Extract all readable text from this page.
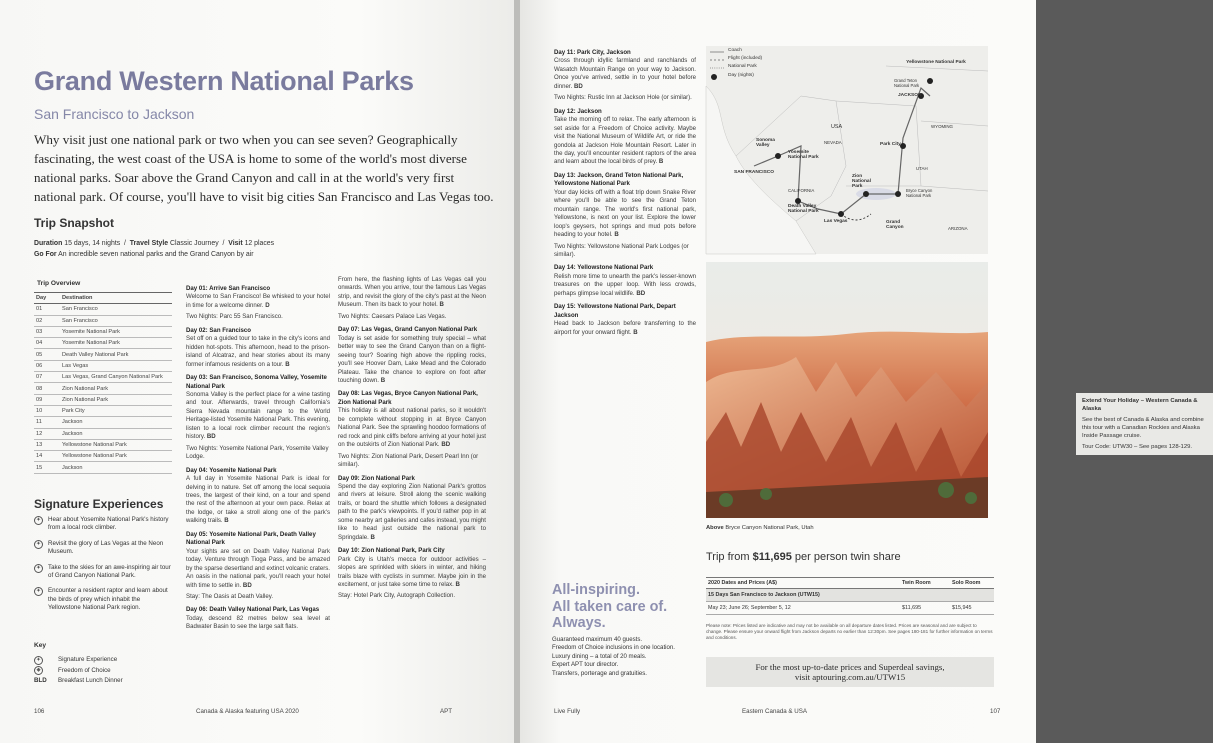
Grand Western National Parks
San Francisco to Jackson

Why visit just one national park or two when you can see seven? Geographically fascinating, the west coast of the USA is home to some of the world's most diverse national parks. Soar above the Grand Canyon and call in at the world's very first national park. Of course, you'll have to visit big cities San Francisco and Las Vegas too.

Trip Snapshot
Duration 15 days, 14 nights  /  Travel Style Classic Journey  /  Visit 12 places
Go For An incredible seven national parks and the Grand Canyon by air
Trip Overview
Day	Destination
01	San Francisco
02	San Francisco
03	Yosemite National Park
04	Yosemite National Park
05	Death Valley National Park
06	Las Vegas
07	Las Vegas, Grand Canyon National Park
08	Zion National Park
09	Zion National Park
10	Park City
11	Jackson
12	Jackson
13	Yellowstone National Park
14	Yellowstone National Park
15	Jackson
Signature Experiences
✦	Hear about Yosemite National Park's history from a local rock climber.
✦	Revisit the glory of Las Vegas at the Neon Museum.
✦	Take to the skies for an awe-inspiring air tour of Grand Canyon National Park.
✦	Encounter a resident raptor and learn about the birds of prey which inhabit the Yellowstone National Park region.
Key
✦	Signature Experience
◈	Freedom of Choice
BLD Breakfast Lunch Dinner
Day 01: Arrive San Francisco

Welcome to San Francisco! Be whisked to your hotel in time for a welcome dinner. D

Two Nights: Parc 55 San Francisco.
Day 02: San Francisco

Set off on a guided tour to take in the city's icons and hidden hot-spots. This afternoon, head to the prison-island of Alcatraz, and hear stories about its many former infamous residents on a tour. B

Day 03: San Francisco, Sonoma Valley, Yosemite National Park

Sonoma Valley is the perfect place for a wine tasting and tour. Afterwards, travel through California's Sierra Nevada mountain range to the World Heritage-listed Yosemite National Park. This evening, listen to a local rock climber recount the region's history. BD

Two Nights: Yosemite National Park, Yosemite Valley Lodge.
Day 04: Yosemite National Park

A full day in Yosemite National Park is ideal for delving in to nature. Set off among the local sequoia trees, the largest of their kind, on a tour and spend the rest of the afternoon at your own pace. Relax at the lodge, or take a stroll along one of the park's walking trails. B

Day 05: Yosemite National Park, Death Valley National Park

Your sights are set on Death Valley National Park today. Venture through Tioga Pass, and be amazed by the sparse desertland and extinct volcanic craters. An oasis in the national park, you'll reach your hotel with time to settle in. BD

Stay: The Oasis at Death Valley.
Day 06: Death Valley National Park, Las Vegas

Today, descend 82 metres below sea level at Badwater Basin to see the large salt flats.

From here, the flashing lights of Las Vegas call you onwards. When you arrive, tour the famous Las Vegas strip, and revisit the glory of the city's past at the Neon Museum. Then its back to your hotel. B

Two Nights: Caesars Palace Las Vegas.
Day 07: Las Vegas, Grand Canyon National Park

Today is set aside for something truly special – what better way to see the Grand Canyon than on a flight-seeing tour? Soaring high above the rippling rocks, you'll see Hoover Dam, Lake Mead and the Colorado Plateau. Take the chance to explore on foot after touching down. B

Day 08: Las Vegas, Bryce Canyon National Park, Zion National Park

This holiday is all about national parks, so it wouldn't be complete without stopping in at Bryce Canyon National Park. See the sprawling hoodoo formations of red rock and pink cliffs before arriving at your hotel just on the outskirts of Zion National Park. BD

Two Nights: Zion National Park, Desert Pearl Inn (or similar).
Day 09: Zion National Park

Spend the day exploring Zion National Park's grottos and rivers at leisure. Stroll along the scenic walking trails, or board the shuttle which follows a designated path to the park's viewpoints. If you'd rather pop in at some nearby art galleries and cafes instead, you might like to head just outside the national park to Springdale. B

Day 10: Zion National Park, Park City

Park City is Utah's mecca for outdoor activities – slopes are sprinkled with skiers in winter, and hiking trails blaze with cyclists in summer. Maybe join in the excitement, or just take some time to relax. B

Stay: Hotel Park City, Autograph Collection.
106	Canada & Alaska featuring USA 2020	APT
Day 11: Park City, Jackson

Cross through idyllic farmland and ranchlands of Wasatch Mountain Range on your way to Jackson. Once you've arrived, settle in to your hotel before dinner. BD

Two Nights: Rustic Inn at Jackson Hole (or similar).
Day 12: Jackson

Take the morning off to relax. The early afternoon is set aside for a Freedom of Choice activity. Maybe visit the National Museum of Wildlife Art, or ride the gondola at Jackson Hole Mountain Resort. Later in the day, you'll encounter resident raptors of the area and learn about the local birds of prey. B

Day 13: Jackson, Grand Teton National Park, Yellowstone National Park

Your day kicks off with a float trip down Snake River where you'll be able to see the Grand Teton mountain range. The world's first national park, Yellowstone, is next on your list. Explore the lower loop's geysers, hot springs and mud pots before heading to your hotel. B

Two Nights: Yellowstone National Park Lodges (or similar).
Day 14: Yellowstone National Park

Relish more time to unearth the park's lesser-known treasures on the upper loop. With less crowds, perhaps glimpse local wildlife. BD

Day 15: Yellowstone National Park, Depart Jackson

Head back to Jackson before transferring to the airport for your onward flight. B

Extend Your Holiday – Western Canada & Alaska
See the best of Canada & Alaska and combine this tour with a Canadian Rockies and Alaska Inside Passage cruise.
Tour Code: UTW30 – See pages 128-129.
All-inspiring.
All taken care of.
Always.
Guaranteed maximum 40 guests.
Freedom of Choice inclusions in one location.
Luxury dining – a total of 20 meals.
Expert APT tour director.
Transfers, porterage and gratuities.
Coach
Flight (included)
National Park
Day (nights)
Yellowstone National Park
Grand Teton National Park
JACKSON
USA	WYOMING
NEVADA
UTAH
CALIFORNIA
ARIZONA
Sonoma Valley
Yosemite National Park
SAN FRANCISCO
Park City
Zion National Park
Bryce Canyon National Park
Death Valley National Park
Las Vegas	Grand Canyon
Above Bryce Canyon National Park, Utah
Trip from $11,695 per person twin share
2020 Dates and Prices (A$)	Twin Room	Solo Room
15 Days San Francisco to Jackson (UTW15)		
May 23; June 26; September 5, 12	$11,695	$15,945
Please note: Prices listed are indicative and may not be available on all departure dates listed. Prices are seasonal and are subject to change. Please ensure your onward flight from Jackson departs no earlier than 12:30pm. See pages 180-181 for further information on terms and conditions.
For the most up-to-date prices and Superdeal savings,
visit aptouring.com.au/UTW15
Live Fully	Eastern Canada & USA	107
